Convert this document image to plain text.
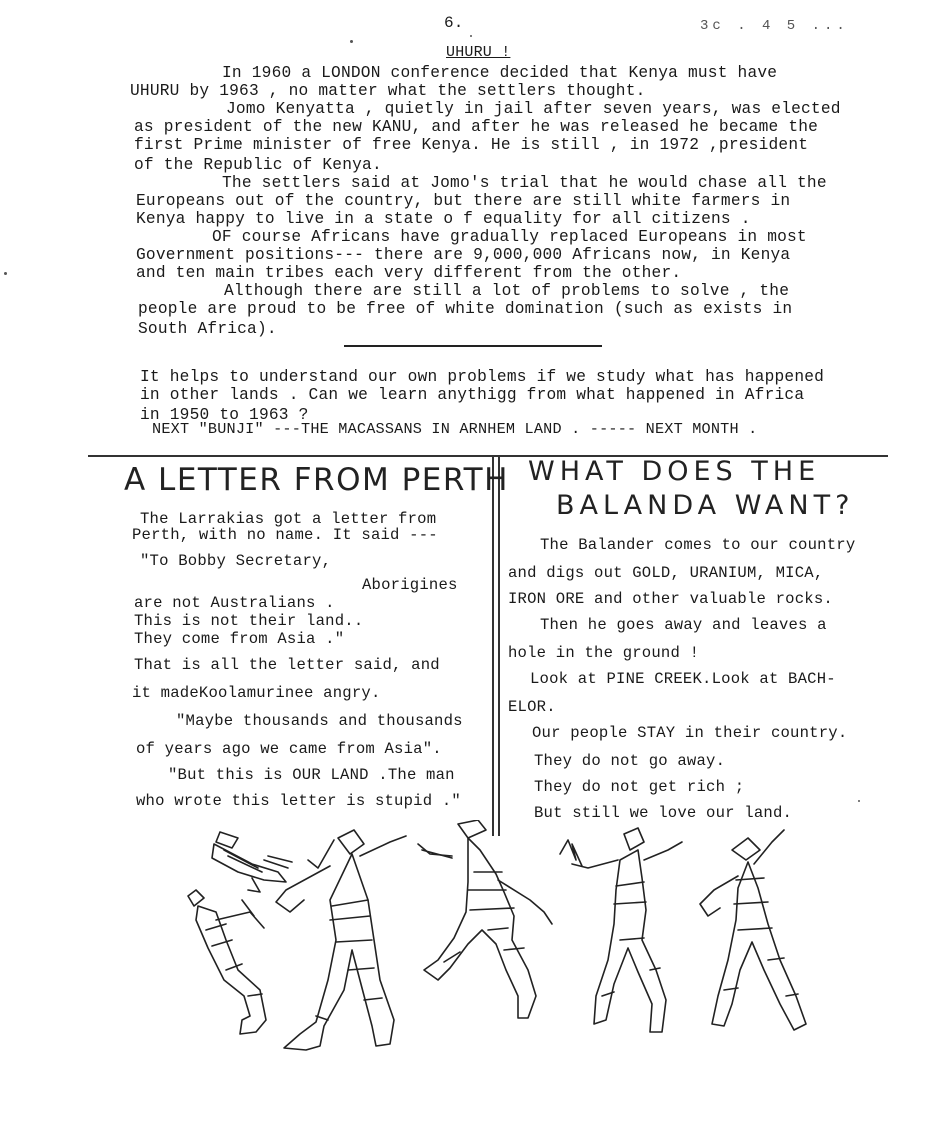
6.	3c . 4 5 ...
UHURU !
In 1960 a LONDON conference decided that Kenya must have
UHURU by 1963 , no matter what the settlers thought.
Jomo Kenyatta , quietly in jail after seven years, was elected
as president of the new KANU, and after he was released he became the
first Prime minister of free Kenya. He is still , in 1972 ,president
of the Republic of Kenya.
The settlers said at Jomo's trial that he would chase all the
Europeans out of the country, but there are still white farmers in
Kenya happy to live in a state o f equality for all citizens .
OF course Africans have gradually replaced Europeans in most
Government positions--- there are 9,000,000 Africans now, in Kenya
and ten main tribes each very different from the other.
Although there are still a lot of problems to solve , the
people are proud to be free of white domination (such as exists in
South Africa).
It helps to understand our own problems if we study what has happened
in other lands . Can we learn anythigg from what happened in Africa
in 1950 to 1963 ?
NEXT "BUNJI" ---THE MACASSANS IN ARNHEM LAND . ----- NEXT MONTH .
A LETTER FROM PERTH
The Larrakias got a letter from
Perth, with no name. It said ---
"To Bobby Secretary,
Aborigines
are not Australians .
This is not their land..
They come from Asia ."
That is all the letter said, and
it madeKoolamurinee angry.
"Maybe thousands and thousands
of years ago we came from Asia".
"But this is OUR LAND .The man
who wrote this letter is stupid ."
WHAT DOES THE
BALANDA WANT?
The Balander comes to our country
and digs out GOLD, URANIUM, MICA,
IRON ORE and other valuable rocks.
Then he goes away and leaves a
hole in the ground !
Look at PINE CREEK.Look at BACH-
ELOR.
Our people STAY in their country.
They do not go away.
They do not get rich ;
But still we love our land.
